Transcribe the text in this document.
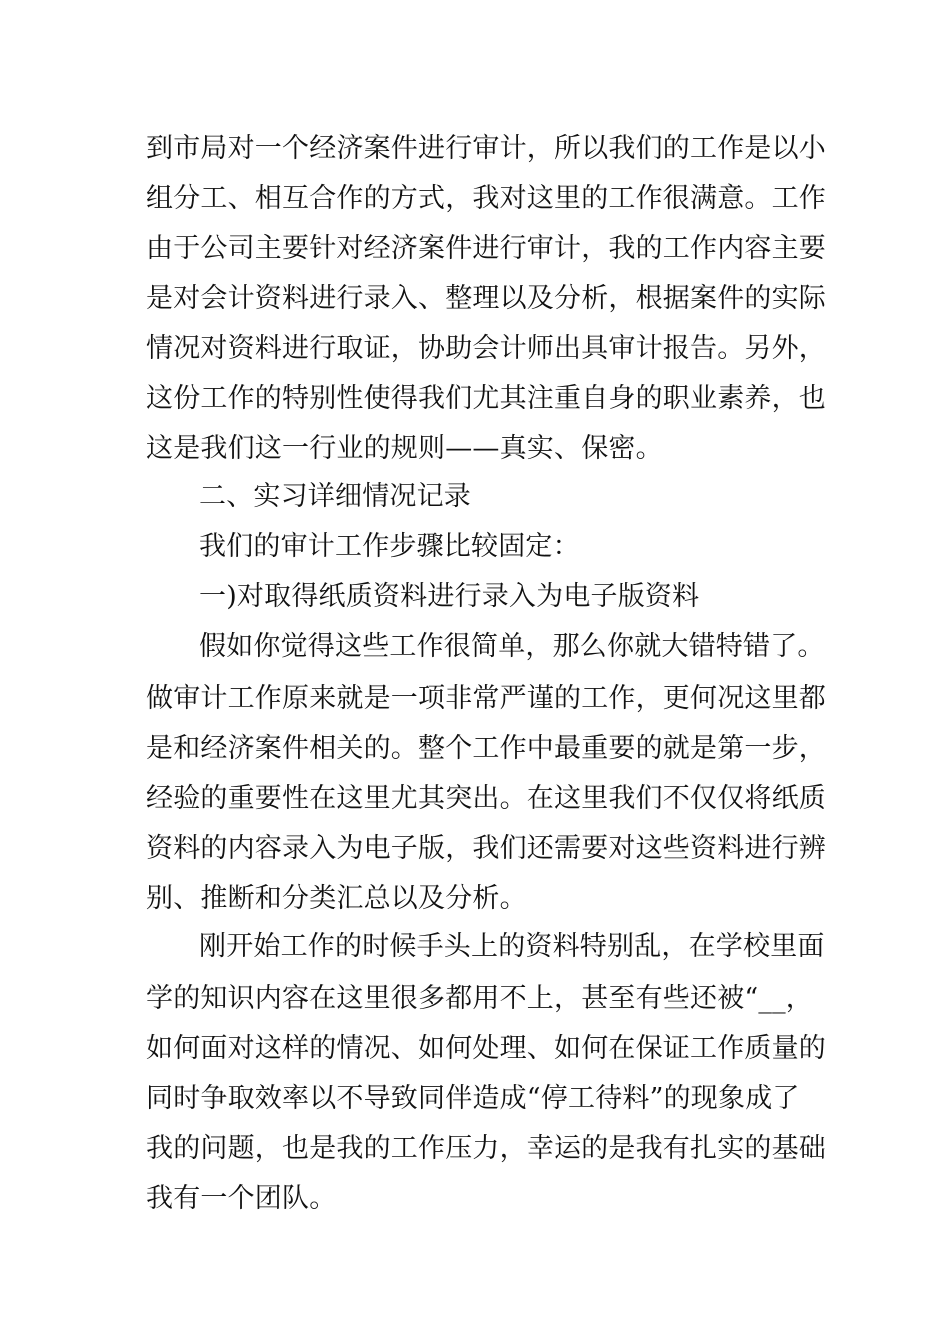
到市局对一个经济案件进行审计，所以我们的工作是以小
组分工、相互合作的方式，我对这里的工作很满意。工作
由于公司主要针对经济案件进行审计，我的工作内容主要
是对会计资料进行录入、整理以及分析，根据案件的实际
情况对资料进行取证，协助会计师出具审计报告。另外，
这份工作的特别性使得我们尤其注重自身的职业素养，也
这是我们这一行业的规则——真实、保密。
二、实习详细情况记录
我们的审计工作步骤比较固定：
一)对取得纸质资料进行录入为电子版资料
假如你觉得这些工作很简单，那么你就大错特错了。
做审计工作原来就是一项非常严谨的工作，更何况这里都
是和经济案件相关的。整个工作中最重要的就是第一步，
经验的重要性在这里尤其突出。在这里我们不仅仅将纸质
资料的内容录入为电子版，我们还需要对这些资料进行辨
别、推断和分类汇总以及分析。
刚开始工作的时候手头上的资料特别乱，在学校里面
学的知识内容在这里很多都用不上，甚至有些还被“__，
如何面对这样的情况、如何处理、如何在保证工作质量的
同时争取效率以不导致同伴造成“停工待料”的现象成了
我的问题，也是我的工作压力，幸运的是我有扎实的基础
我有一个团队。
